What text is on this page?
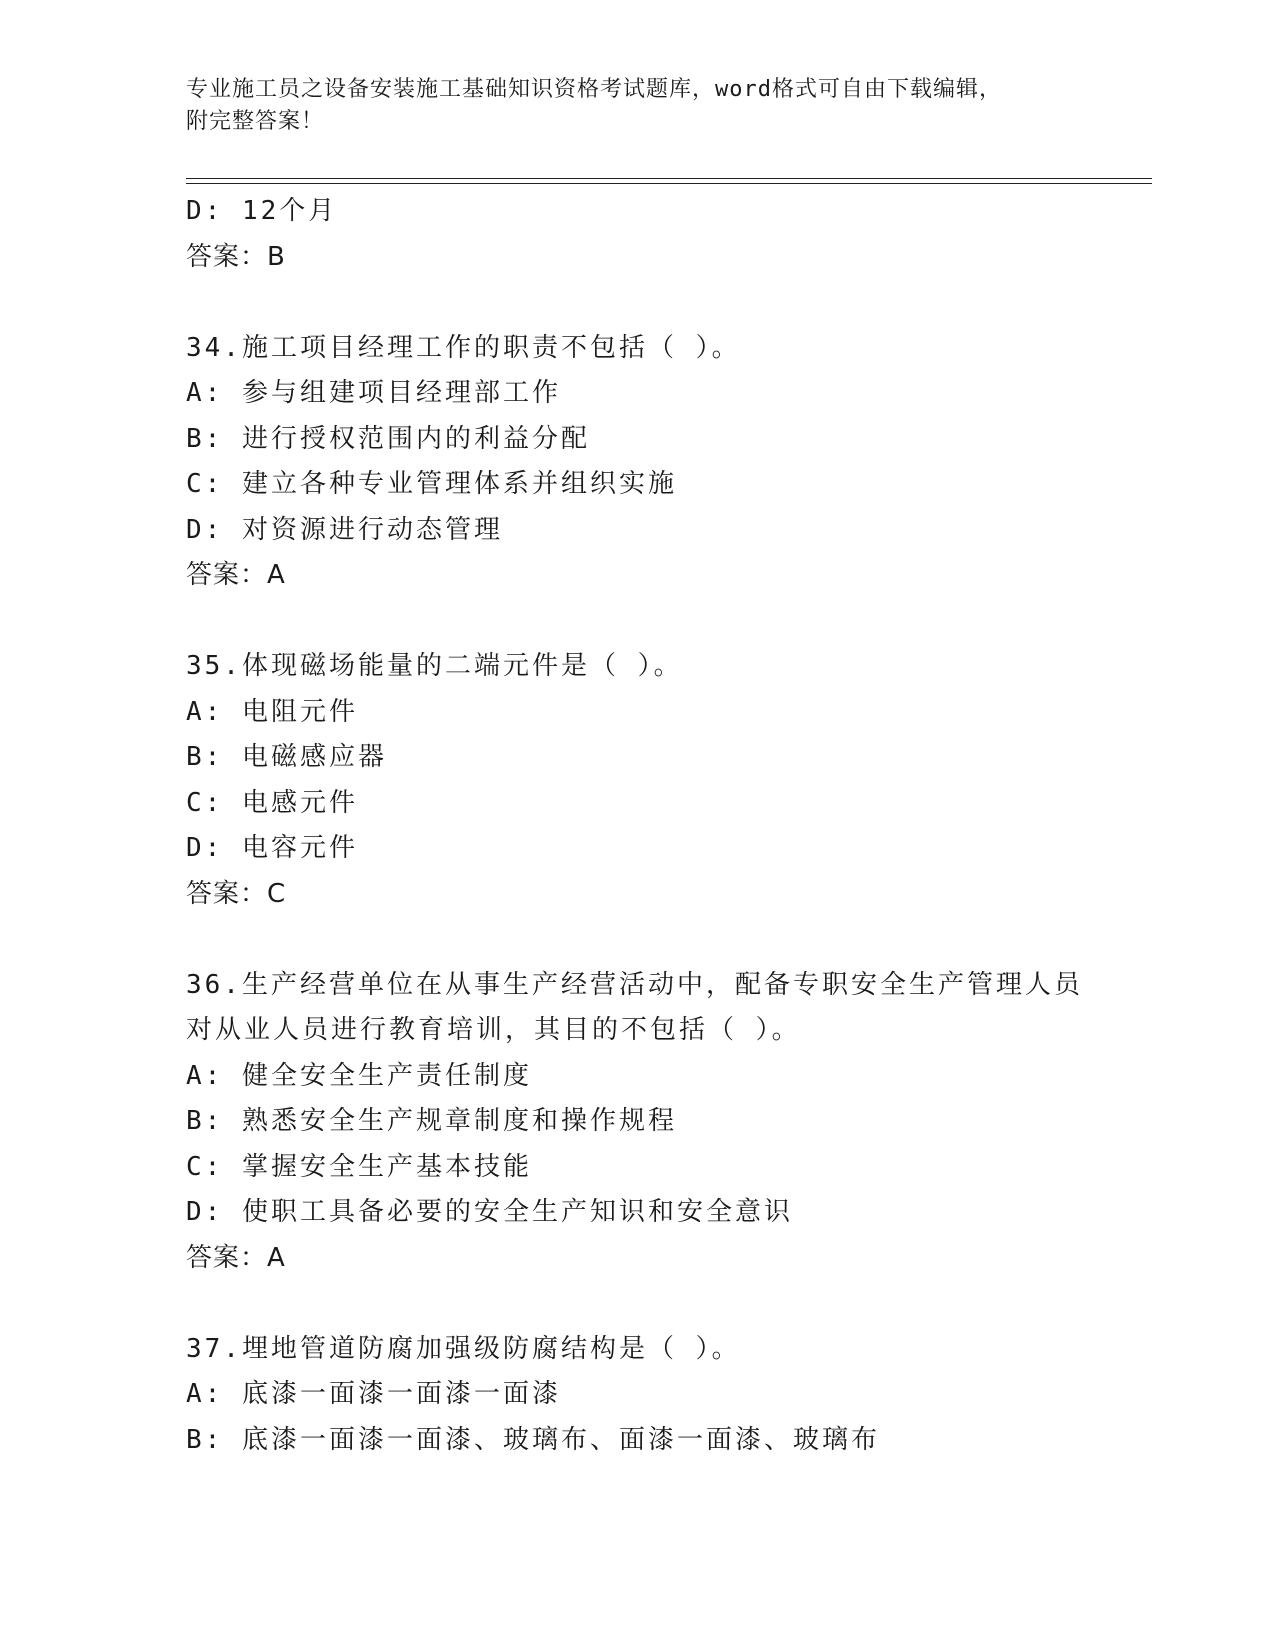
专业施工员之设备安装施工基础知识资格考试题库，word格式可自由下载编辑，
附完整答案！
D: 12个月
答案：B
34.施工项目经理工作的职责不包括（ ）。
A: 参与组建项目经理部工作
B: 进行授权范围内的利益分配
C: 建立各种专业管理体系并组织实施
D: 对资源进行动态管理
答案：A
35.体现磁场能量的二端元件是（ ）。
A: 电阻元件
B: 电磁感应器
C: 电感元件
D: 电容元件
答案：C
36.生产经营单位在从事生产经营活动中，配备专职安全生产管理人员
对从业人员进行教育培训，其目的不包括（ ）。
A: 健全安全生产责任制度
B: 熟悉安全生产规章制度和操作规程
C: 掌握安全生产基本技能
D: 使职工具备必要的安全生产知识和安全意识
答案：A
37.埋地管道防腐加强级防腐结构是（ ）。
A: 底漆一面漆一面漆一面漆
B: 底漆一面漆一面漆、玻璃布、面漆一面漆、玻璃布
